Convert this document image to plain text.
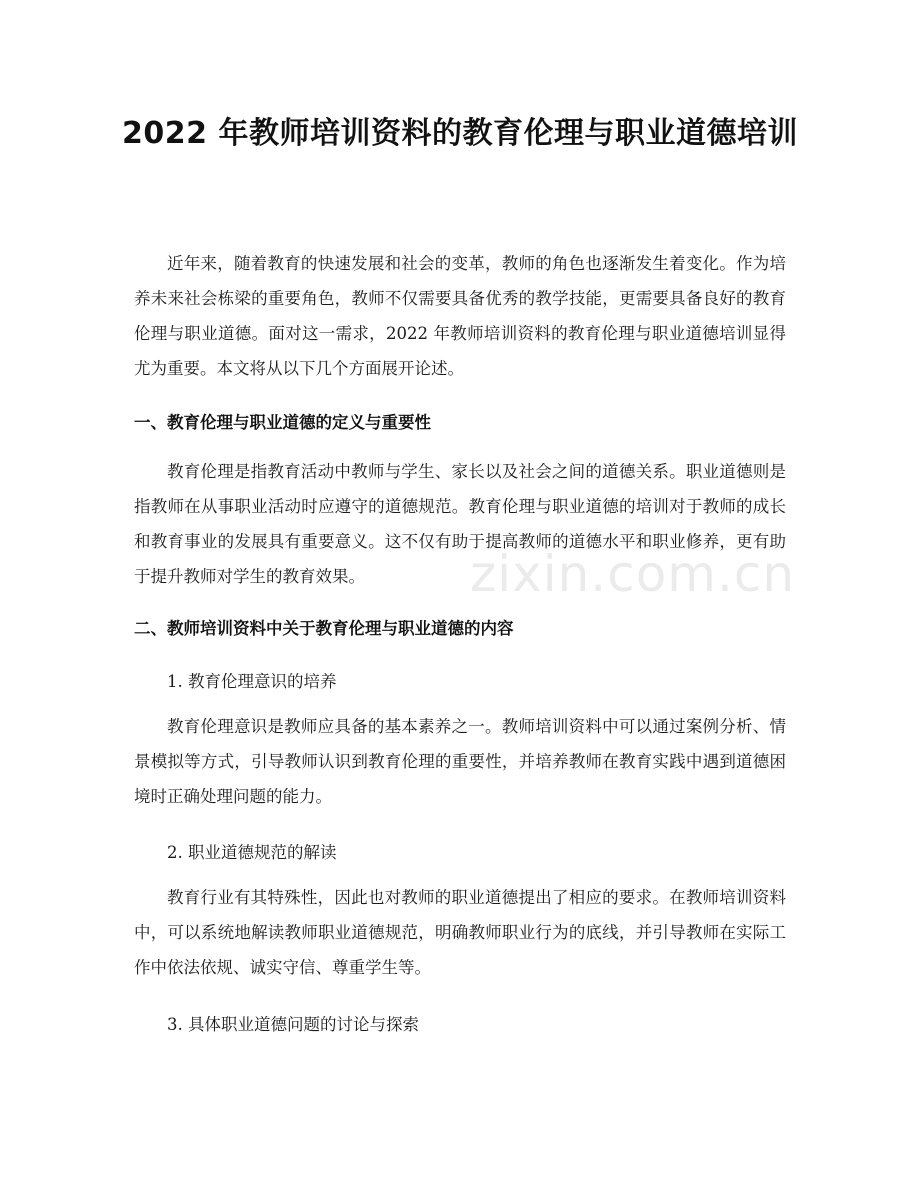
2022 年教师培训资料的教育伦理与职业道德培训
近年来，随着教育的快速发展和社会的变革，教师的角色也逐渐发生着变化。作为培养未来社会栋梁的重要角色，教师不仅需要具备优秀的教学技能，更需要具备良好的教育伦理与职业道德。面对这一需求，2022 年教师培训资料的教育伦理与职业道德培训显得尤为重要。本文将从以下几个方面展开论述。
一、教育伦理与职业道德的定义与重要性
教育伦理是指教育活动中教师与学生、家长以及社会之间的道德关系。职业道德则是指教师在从事职业活动时应遵守的道德规范。教育伦理与职业道德的培训对于教师的成长和教育事业的发展具有重要意义。这不仅有助于提高教师的道德水平和职业修养，更有助于提升教师对学生的教育效果。
二、教师培训资料中关于教育伦理与职业道德的内容
1. 教育伦理意识的培养
教育伦理意识是教师应具备的基本素养之一。教师培训资料中可以通过案例分析、情景模拟等方式，引导教师认识到教育伦理的重要性，并培养教师在教育实践中遇到道德困境时正确处理问题的能力。
2. 职业道德规范的解读
教育行业有其特殊性，因此也对教师的职业道德提出了相应的要求。在教师培训资料中，可以系统地解读教师职业道德规范，明确教师职业行为的底线，并引导教师在实际工作中依法依规、诚实守信、尊重学生等。
3. 具体职业道德问题的讨论与探索
zixin.com.cn
